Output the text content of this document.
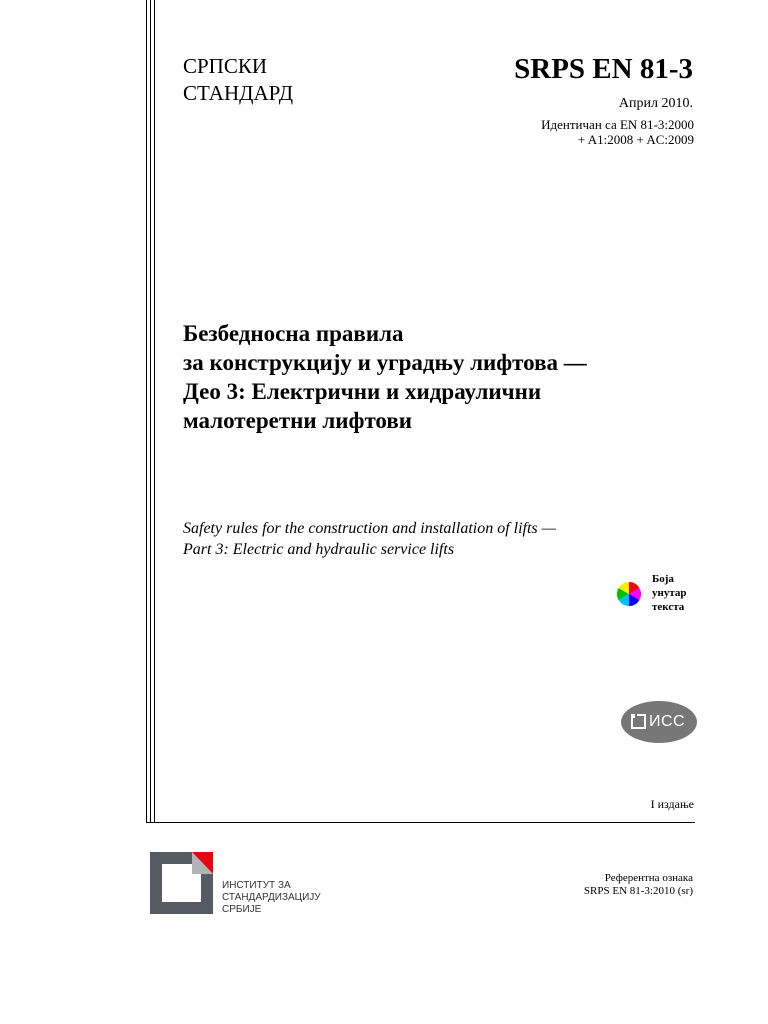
СРПСКИ
СТАНДАРД
SRPS EN 81-3
Април 2010.
Идентичан са EN 81-3:2000
+ A1:2008 + AC:2009
Безбедносна правила
за конструкцију и уградњу лифтова —
Део 3: Електрични и хидраулични
малотеретни лифтови
Safety rules for the construction and installation of lifts —
Part 3: Electric and hydraulic service lifts
Боја
унутар
текста
ИСС
I издање
ИНСТИТУТ ЗА
СТАНДАРДИЗАЦИЈУ
СРБИЈЕ
Референтна ознака
SRPS EN 81-3:2010 (sr)
